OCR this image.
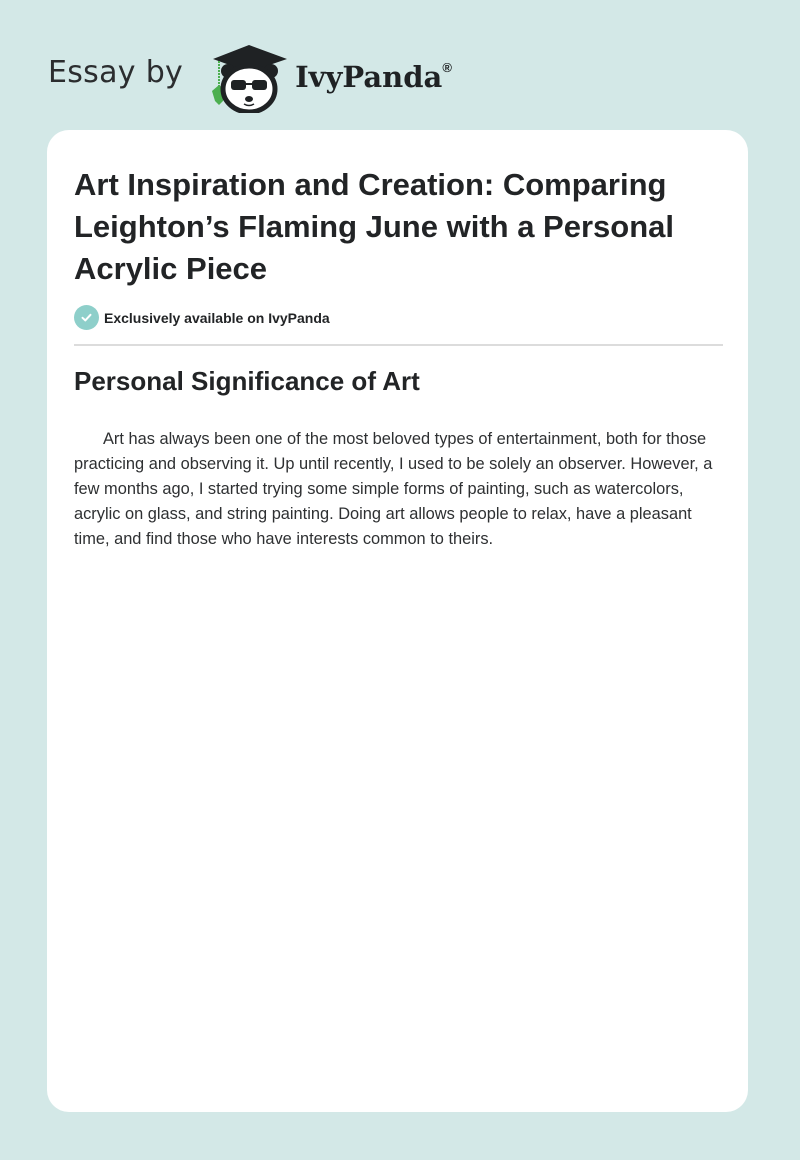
Essay by	IvyPanda®
Art Inspiration and Creation: Comparing Leighton’s Flaming June with a Personal Acrylic Piece
Exclusively available on IvyPanda
Personal Significance of Art

Art has always been one of the most beloved types of entertainment, both for those practicing and observing it. Up until recently, I used to be solely an observer. However, a few months ago, I started trying some simple forms of painting, such as watercolors, acrylic on glass, and string painting. Doing art allows people to relax, have a pleasant time, and find those who have interests common to theirs.
